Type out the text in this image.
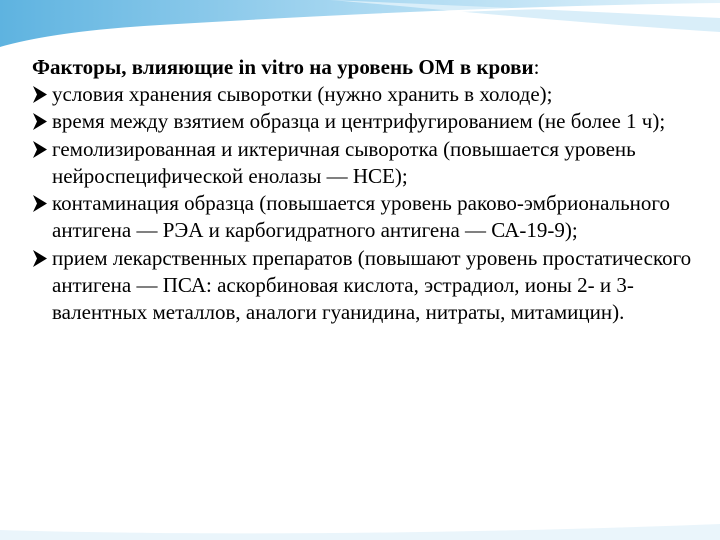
Факторы, влияющие in vitro на уровень ОМ в крови:

условия хранения сыворотки (нужно хранить в холоде);
время между взятием образца и центрифугированием (не более 1 ч);
гемолизированная и иктеричная сыворотка (повышается уровень нейроспецифической енолазы — НСЕ);
контаминация образца (повышается уровень раково-эмбрионального антигена — РЭА и карбогидратного антигена — СА-19-9);
прием лекарственных препаратов (повышают уровень простатического антигена — ПСА: аскорбиновая кислота, эстрадиол, ионы 2- и 3-валентных металлов, аналоги гуанидина, нитраты, митамицин).
